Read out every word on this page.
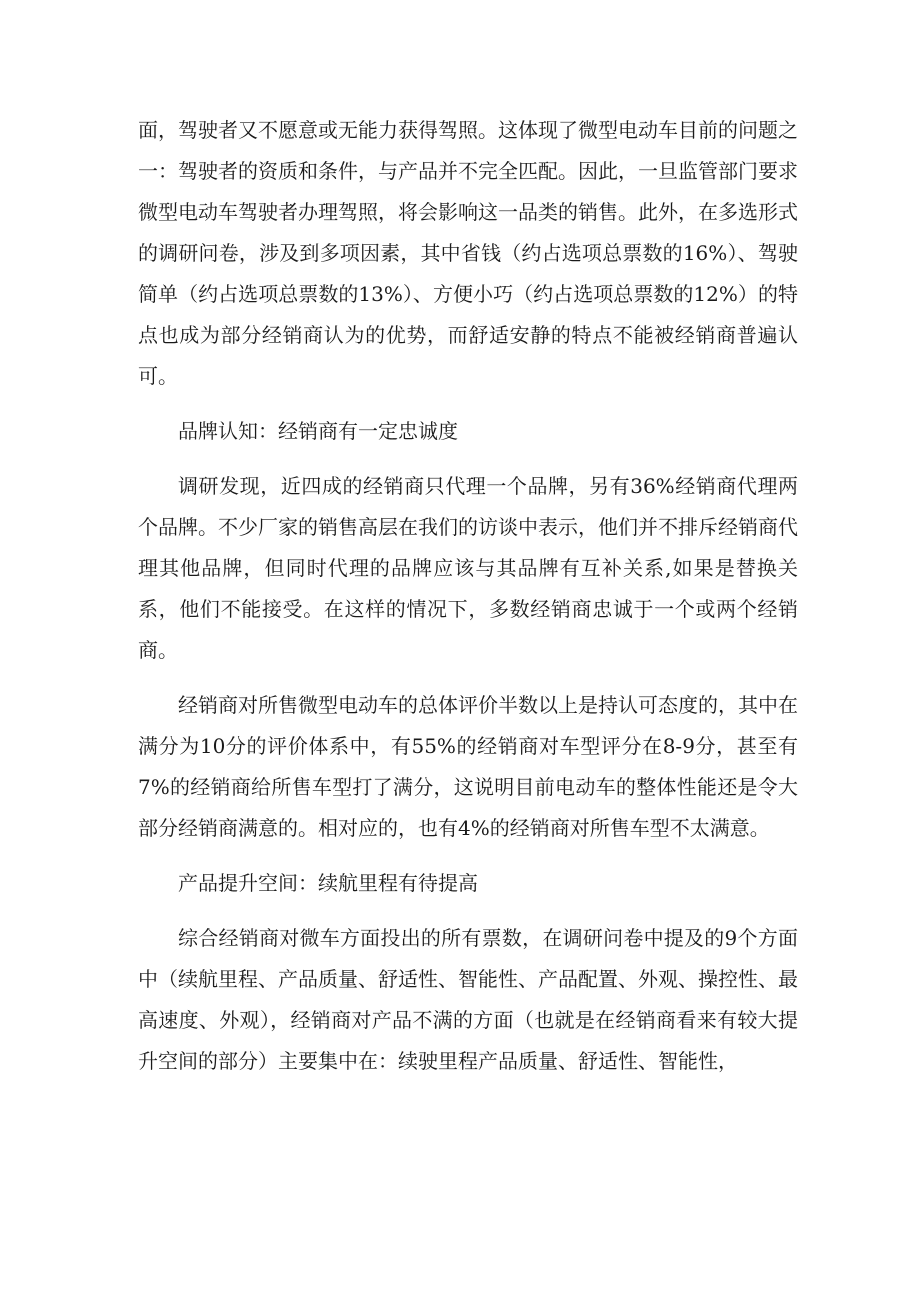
面，驾驶者又不愿意或无能力获得驾照。这体现了微型电动车目前的问题之一：驾驶者的资质和条件，与产品并不完全匹配。因此，一旦监管部门要求微型电动车驾驶者办理驾照，将会影响这一品类的销售。此外，在多选形式的调研问卷，涉及到多项因素，其中省钱（约占选项总票数的16%）、驾驶简单（约占选项总票数的13%）、方便小巧（约占选项总票数的12%）的特点也成为部分经销商认为的优势，而舒适安静的特点不能被经销商普遍认可。

品牌认知：经销商有一定忠诚度

调研发现，近四成的经销商只代理一个品牌，另有36%经销商代理两个品牌。不少厂家的销售高层在我们的访谈中表示，他们并不排斥经销商代理其他品牌，但同时代理的品牌应该与其品牌有互补关系,如果是替换关系，他们不能接受。在这样的情况下，多数经销商忠诚于一个或两个经销商。

经销商对所售微型电动车的总体评价半数以上是持认可态度的，其中在满分为10分的评价体系中，有55%的经销商对车型评分在8-9分，甚至有7%的经销商给所售车型打了满分，这说明目前电动车的整体性能还是令大部分经销商满意的。相对应的，也有4%的经销商对所售车型不太满意。

产品提升空间：续航里程有待提高

综合经销商对微车方面投出的所有票数，在调研问卷中提及的9个方面中（续航里程、产品质量、舒适性、智能性、产品配置、外观、操控性、最高速度、外观），经销商对产品不满的方面（也就是在经销商看来有较大提升空间的部分）主要集中在：续驶里程产品质量、舒适性、智能性，
